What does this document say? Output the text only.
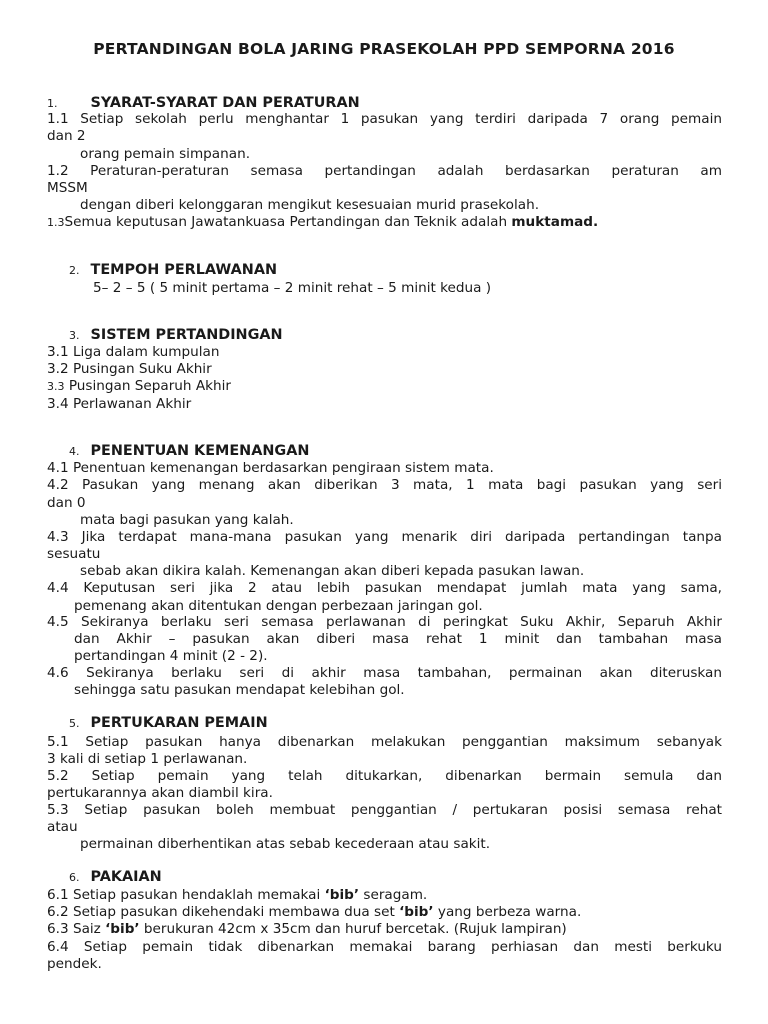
PERTANDINGAN BOLA JARING PRASEKOLAH PPD SEMPORNA 2016
1. SYARAT-SYARAT DAN PERATURAN
1.1 Setiap sekolah perlu menghantar 1 pasukan yang terdiri daripada 7 orang pemain
dan 2
orang pemain simpanan.
1.2 Peraturan-peraturan semasa pertandingan adalah berdasarkan peraturan am
MSSM
dengan diberi kelonggaran mengikut kesesuaian murid prasekolah.
1.3Semua keputusan Jawatankuasa Pertandingan dan Teknik adalah muktamad.
2. TEMPOH PERLAWANAN
5– 2 – 5 ( 5 minit pertama – 2 minit rehat – 5 minit kedua )
3. SISTEM PERTANDINGAN
3.1 Liga dalam kumpulan
3.2 Pusingan Suku Akhir
3.3 Pusingan Separuh Akhir
3.4 Perlawanan Akhir
4. PENENTUAN KEMENANGAN
4.1 Penentuan kemenangan berdasarkan pengiraan sistem mata.
4.2 Pasukan yang menang akan diberikan 3 mata, 1 mata bagi pasukan yang seri
dan 0
mata bagi pasukan yang kalah.
4.3 Jika terdapat mana-mana pasukan yang menarik diri daripada pertandingan tanpa
sesuatu
sebab akan dikira kalah. Kemenangan akan diberi kepada pasukan lawan.
4.4 Keputusan seri jika 2 atau lebih pasukan mendapat jumlah mata yang sama,
pemenang akan ditentukan dengan perbezaan jaringan gol.
4.5 Sekiranya berlaku seri semasa perlawanan di peringkat Suku Akhir, Separuh Akhir
dan Akhir – pasukan akan diberi masa rehat 1 minit dan tambahan masa
pertandingan 4 minit (2 - 2).
4.6 Sekiranya berlaku seri di akhir masa tambahan, permainan akan diteruskan
sehingga satu pasukan mendapat kelebihan gol.
5. PERTUKARAN PEMAIN
5.1 Setiap pasukan hanya dibenarkan melakukan penggantian maksimum sebanyak
3 kali di setiap 1 perlawanan.
5.2 Setiap pemain yang telah ditukarkan, dibenarkan bermain semula dan
pertukarannya akan diambil kira.
5.3 Setiap pasukan boleh membuat penggantian / pertukaran posisi semasa rehat
atau
permainan diberhentikan atas sebab kecederaan atau sakit.
6. PAKAIAN
6.1 Setiap pasukan hendaklah memakai ‘bib’ seragam.
6.2 Setiap pasukan dikehendaki membawa dua set ‘bib’ yang berbeza warna.
6.3 Saiz ‘bib’ berukuran 42cm x 35cm dan huruf bercetak. (Rujuk lampiran)
6.4 Setiap pemain tidak dibenarkan memakai barang perhiasan dan mesti berkuku
pendek.
